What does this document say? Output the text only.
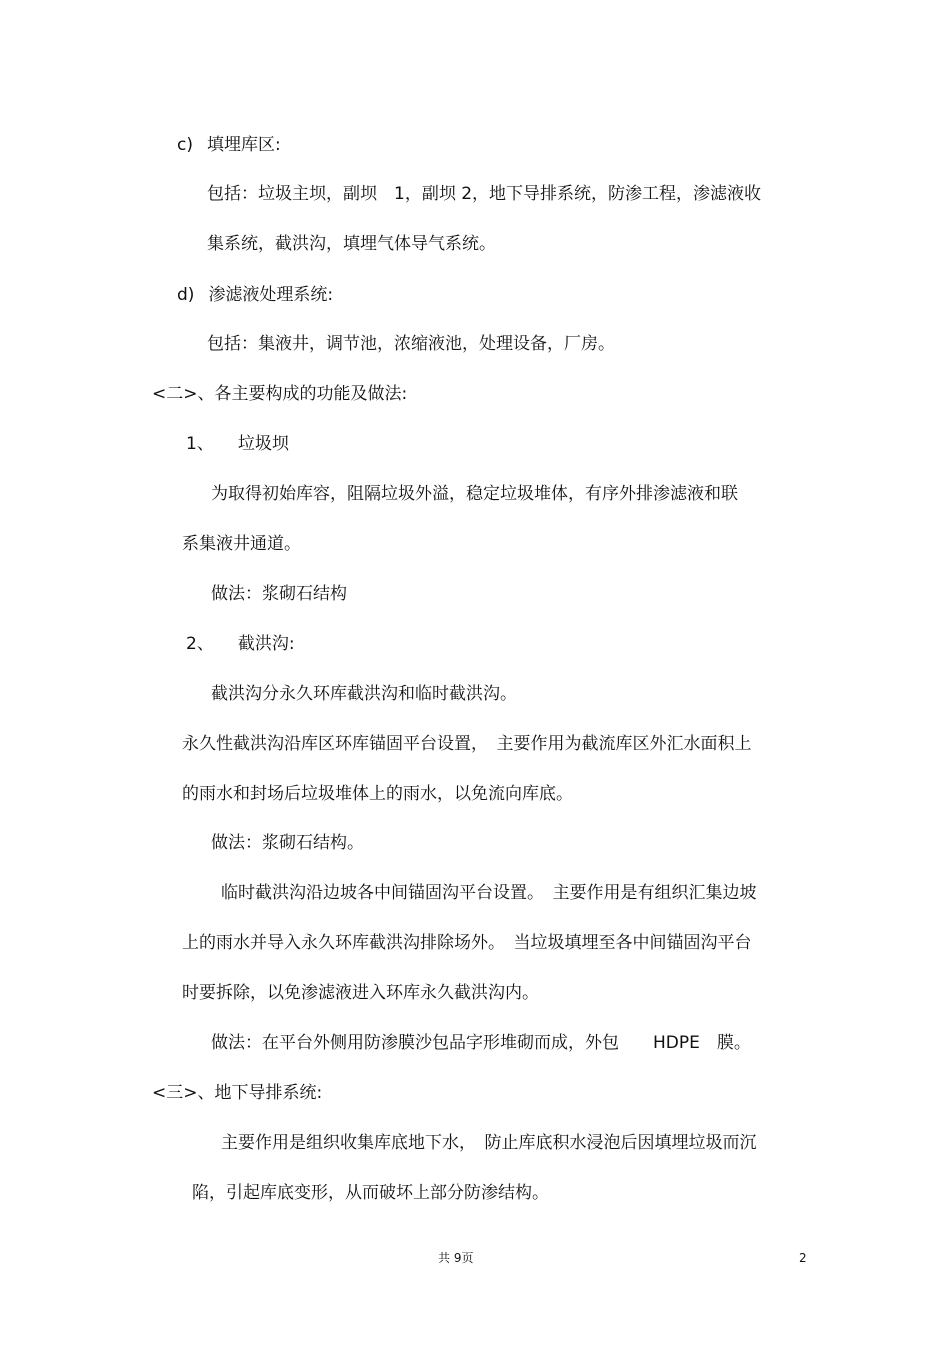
c) 填埋库区:
包括：垃圾主坝，副坝　1，副坝 2，地下导排系统，防渗工程，渗滤液收
集系统，截洪沟，填埋气体导气系统。
d) 渗滤液处理系统:
包括：集液井，调节池，浓缩液池，处理设备，厂房。
<二>、各主要构成的功能及做法:
1、 垃圾坝
为取得初始库容，阻隔垃圾外溢，稳定垃圾堆体，有序外排渗滤液和联
系集液井通道。
做法：浆砌石结构
2、 截洪沟:
截洪沟分永久环库截洪沟和临时截洪沟。
永久性截洪沟沿库区环库锚固平台设置，　主要作用为截流库区外汇水面积上
的雨水和封场后垃圾堆体上的雨水，以免流向库底。
做法：浆砌石结构。
临时截洪沟沿边坡各中间锚固沟平台设置。　主要作用是有组织汇集边坡
上的雨水并导入永久环库截洪沟排除场外。　当垃圾填埋至各中间锚固沟平台
时要拆除，以免渗滤液进入环库永久截洪沟内。
做法：在平台外侧用防渗膜沙包品字形堆砌而成，外包　　HDPE　膜。
<三>、地下导排系统:
主要作用是组织收集库底地下水，　防止库底积水浸泡后因填埋垃圾而沉
陷，引起库底变形，从而破坏上部分防渗结构。
共 9页	2
